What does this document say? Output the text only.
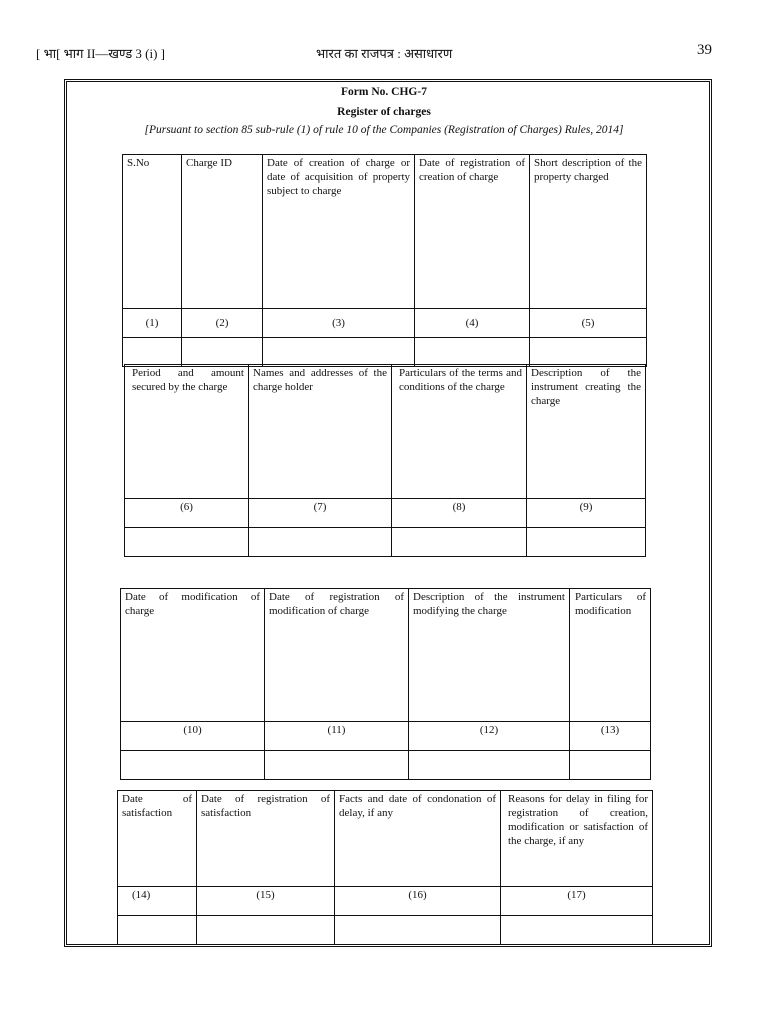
[ भा[ भाग II—खण्ड 3 (i) ]	भारत का राजपत्र : असाधारण	39
Form No. CHG-7
Register of charges
[Pursuant to section 85 sub-rule (1) of rule 10 of the Companies (Registration of Charges) Rules, 2014]
S.No	Charge ID	Date of creation of charge or date of acquisition of property subject to charge	Date of registration of creation of charge	Short description of the property charged
(1)	(2)	(3)	(4)	(5)

Period and amount secured by the charge	Names and addresses of the charge holder	Particulars of the terms and conditions of the charge	Description of the instrument creating the charge
(6)	(7)	(8)	(9)

Date of modification of charge	Date of registration of modification of charge	Description of the instrument modifying the charge	Particulars of modification
(10)	(11)	(12)	(13)

Date of satisfaction	Date of registration of satisfaction	Facts and date of condonation of delay, if any	Reasons for delay in filing for registration of creation, modification or satisfaction of the charge, if any
(14)	(15)	(16)	(17)
